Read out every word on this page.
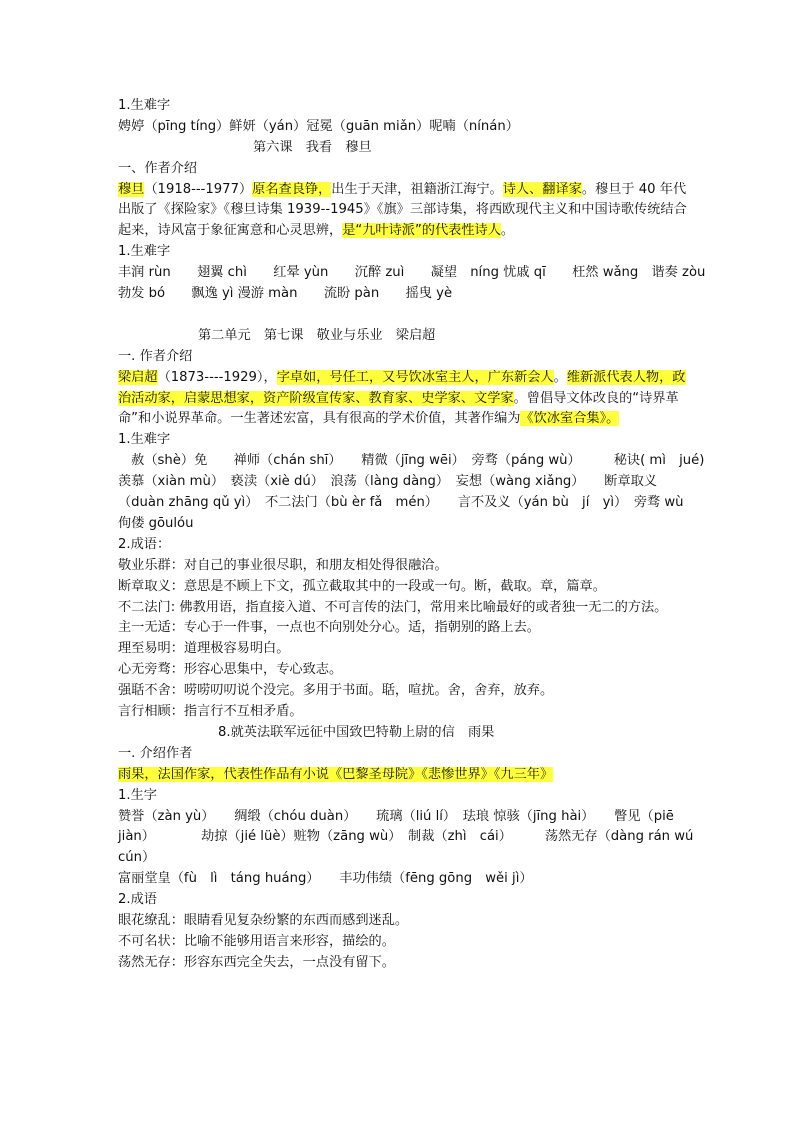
1.生难字
娉婷（pīng tíng）鲜妍（yán）冠冕（guān miǎn）呢喃（nínán）
第六课　我看　穆旦
一、作者介绍
穆旦（1918---1977）原名查良铮，出生于天津，祖籍浙江海宁。诗人、翻译家。穆旦于 40 年代出版了《探险家》《穆旦诗集 1939--1945》《旗》三部诗集，将西欧现代主义和中国诗歌传统结合起来，诗风富于象征寓意和心灵思辨，是“九叶诗派”的代表性诗人。
1.生难字
丰润 rùn　　翅翼 chì　　红晕 yùn　　沉醉 zuì　　凝望　níng 忧戚 qī　　枉然 wǎng　谐奏 zòu
勃发 bó　　飘逸 yì 漫游 màn　　流盼 pàn　　摇曳 yè
第二单元　第七课　敬业与乐业　梁启超
一. 作者介绍
梁启超（1873----1929），字卓如，号任工，又号饮冰室主人，广东新会人。维新派代表人物，政治活动家，启蒙思想家，资产阶级宣传家、教育家、史学家、文学家。曾倡导文体改良的“诗界革命”和小说界革命。一生著述宏富，具有很高的学术价值，其著作编为《饮冰室合集》。
1.生难字
　赦（shè）免　　禅师（chán shī）　　精微（jīng wēi）　旁骛（páng wù）　　　秘诀( mì　jué)
羡慕（xiàn mù）　亵渎（xiè dú）　浪荡（làng dàng）　妄想（wàng xiǎng）　　断章取义
（duàn zhāng qǔ yì）　不二法门（bù èr fǎ　mén）　　言不及义（yán bù　jí　yì）　旁骛 wù
佝偻 gōulóu
2.成语：
敬业乐群：对自己的事业很尽职，和朋友相处得很融洽。
断章取义：意思是不顾上下文，孤立截取其中的一段或一句。断，截取。章，篇章。
不二法门: 佛教用语，指直接入道、不可言传的法门，常用来比喻最好的或者独一无二的方法。
主一无适：专心于一件事，一点也不向别处分心。适，指朝别的路上去。
理至易明：道理极容易明白。
心无旁骛：形容心思集中，专心致志。
强聒不舍：唠唠叨叨说个没完。多用于书面。聒，喧扰。舍，舍弃，放弃。
言行相顾：指言行不互相矛盾。
8.就英法联军远征中国致巴特勒上尉的信　雨果
一. 介绍作者
雨果，法国作家，代表性作品有小说《巴黎圣母院》《悲惨世界》《九三年》
1.生字
赞誉（zàn yù）　　绸缎（chóu duàn）　　琉璃（liú lí）　珐琅 惊骇（jīng hài）　　瞥见（piē
jiàn）　　　　劫掠（jié lüè）赃物（zāng wù）　制裁（zhì　cái）　　　荡然无存（dàng rán wú
cún）
富丽堂皇（fù　lì　táng huáng）　　丰功伟绩（fēng gōng　wěi jì）
2.成语
眼花缭乱：眼睛看见复杂纷繁的东西而感到迷乱。
不可名状：比喻不能够用语言来形容，描绘的。
荡然无存：形容东西完全失去，一点没有留下。
